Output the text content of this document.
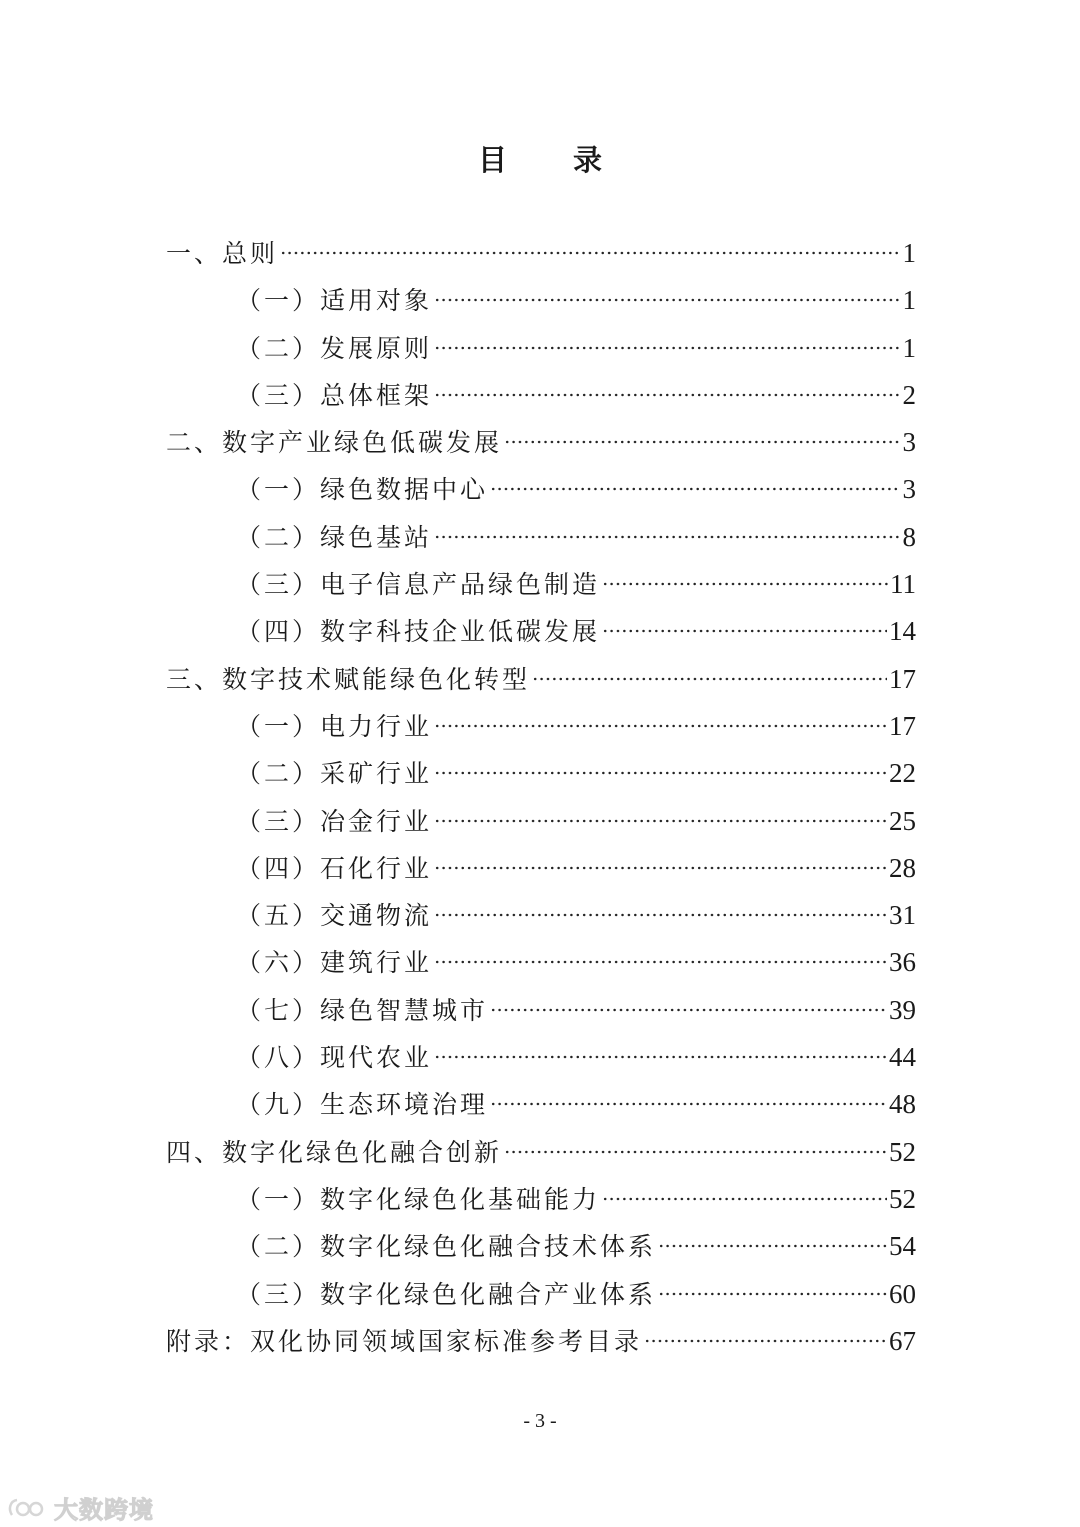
目 录
一、总则	1
（一）适用对象	1
（二）发展原则	1
（三）总体框架	2
二、数字产业绿色低碳发展	3
（一）绿色数据中心	3
（二）绿色基站	8
（三）电子信息产品绿色制造	11
（四）数字科技企业低碳发展	14
三、数字技术赋能绿色化转型	17
（一）电力行业	17
（二）采矿行业	22
（三）冶金行业	25
（四）石化行业	28
（五）交通物流	31
（六）建筑行业	36
（七）绿色智慧城市	39
（八）现代农业	44
（九）生态环境治理	48
四、数字化绿色化融合创新	52
（一）数字化绿色化基础能力	52
（二）数字化绿色化融合技术体系	54
（三）数字化绿色化融合产业体系	60
附录：双化协同领域国家标准参考目录	67
- 3 -
大数跨境
